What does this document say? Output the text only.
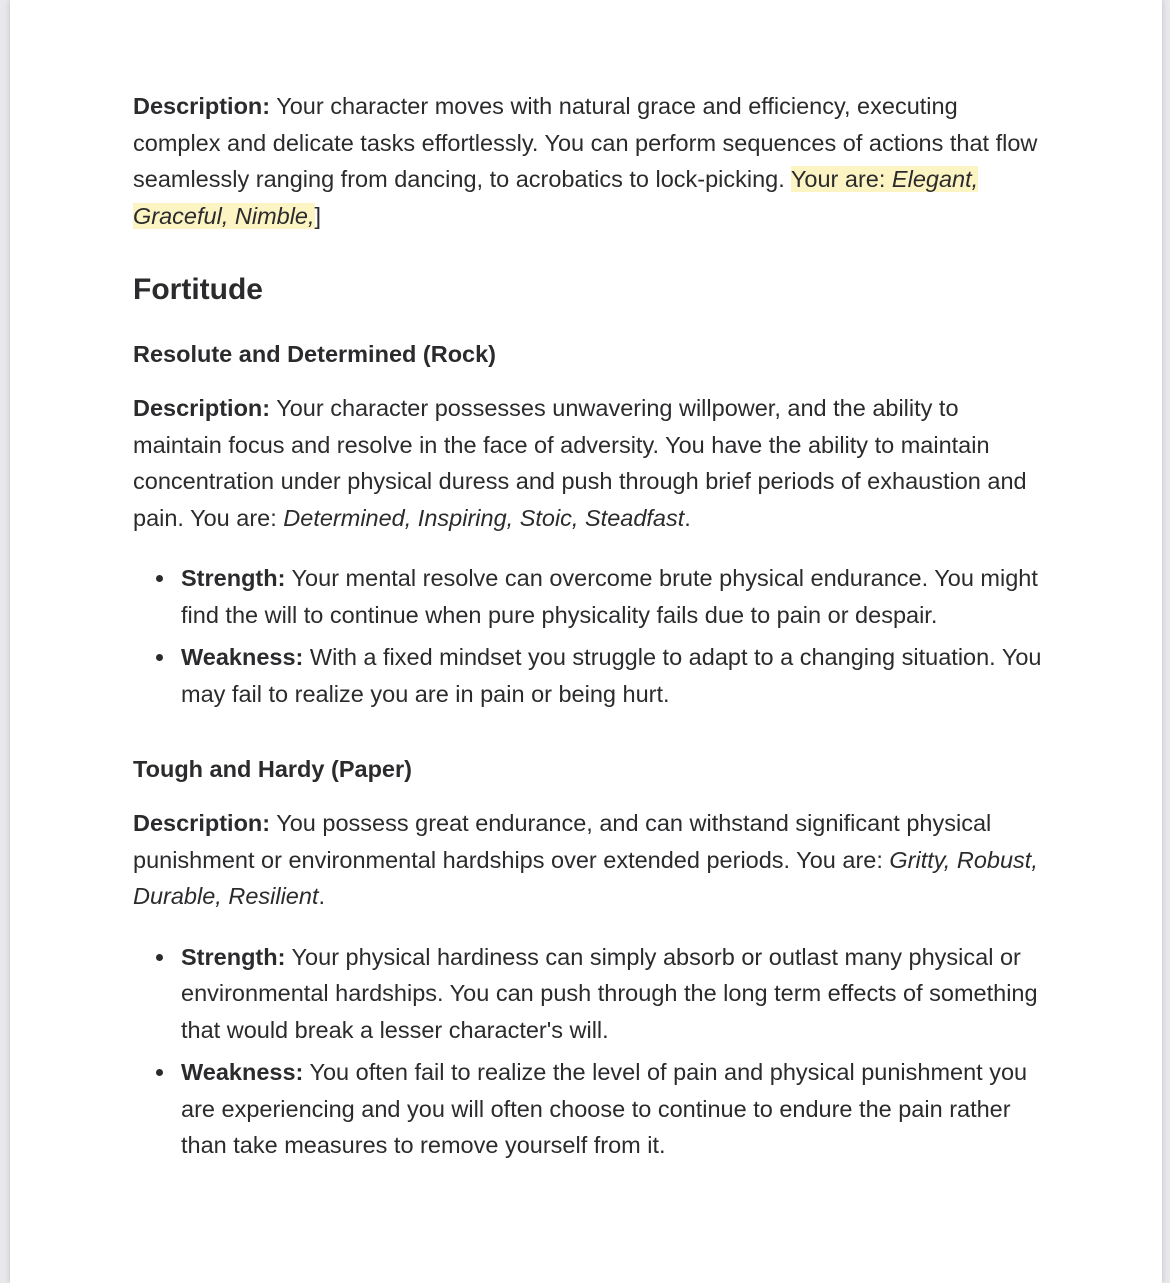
Description: Your character moves with natural grace and efficiency, executing complex and delicate tasks effortlessly. You can perform sequences of actions that flow seamlessly ranging from dancing, to acrobatics to lock-picking. Your are: Elegant, Graceful, Nimble,]

Fortitude
Resolute and Determined (Rock)

Description: Your character possesses unwavering willpower, and the ability to maintain focus and resolve in the face of adversity. You have the ability to maintain concentration under physical duress and push through brief periods of exhaustion and pain. You are: Determined, Inspiring, Stoic, Steadfast.

Strength: Your mental resolve can overcome brute physical endurance. You might find the will to continue when pure physicality fails due to pain or despair.
Weakness: With a fixed mindset you struggle to adapt to a changing situation. You may fail to realize you are in pain or being hurt.
Tough and Hardy (Paper)

Description: You possess great endurance, and can withstand significant physical punishment or environmental hardships over extended periods. You are: Gritty, Robust, Durable, Resilient.

Strength: Your physical hardiness can simply absorb or outlast many physical or environmental hardships. You can push through the long term effects of something that would break a lesser character's will.
Weakness: You often fail to realize the level of pain and physical punishment you are experiencing and you will often choose to continue to endure the pain rather than take measures to remove yourself from it.
